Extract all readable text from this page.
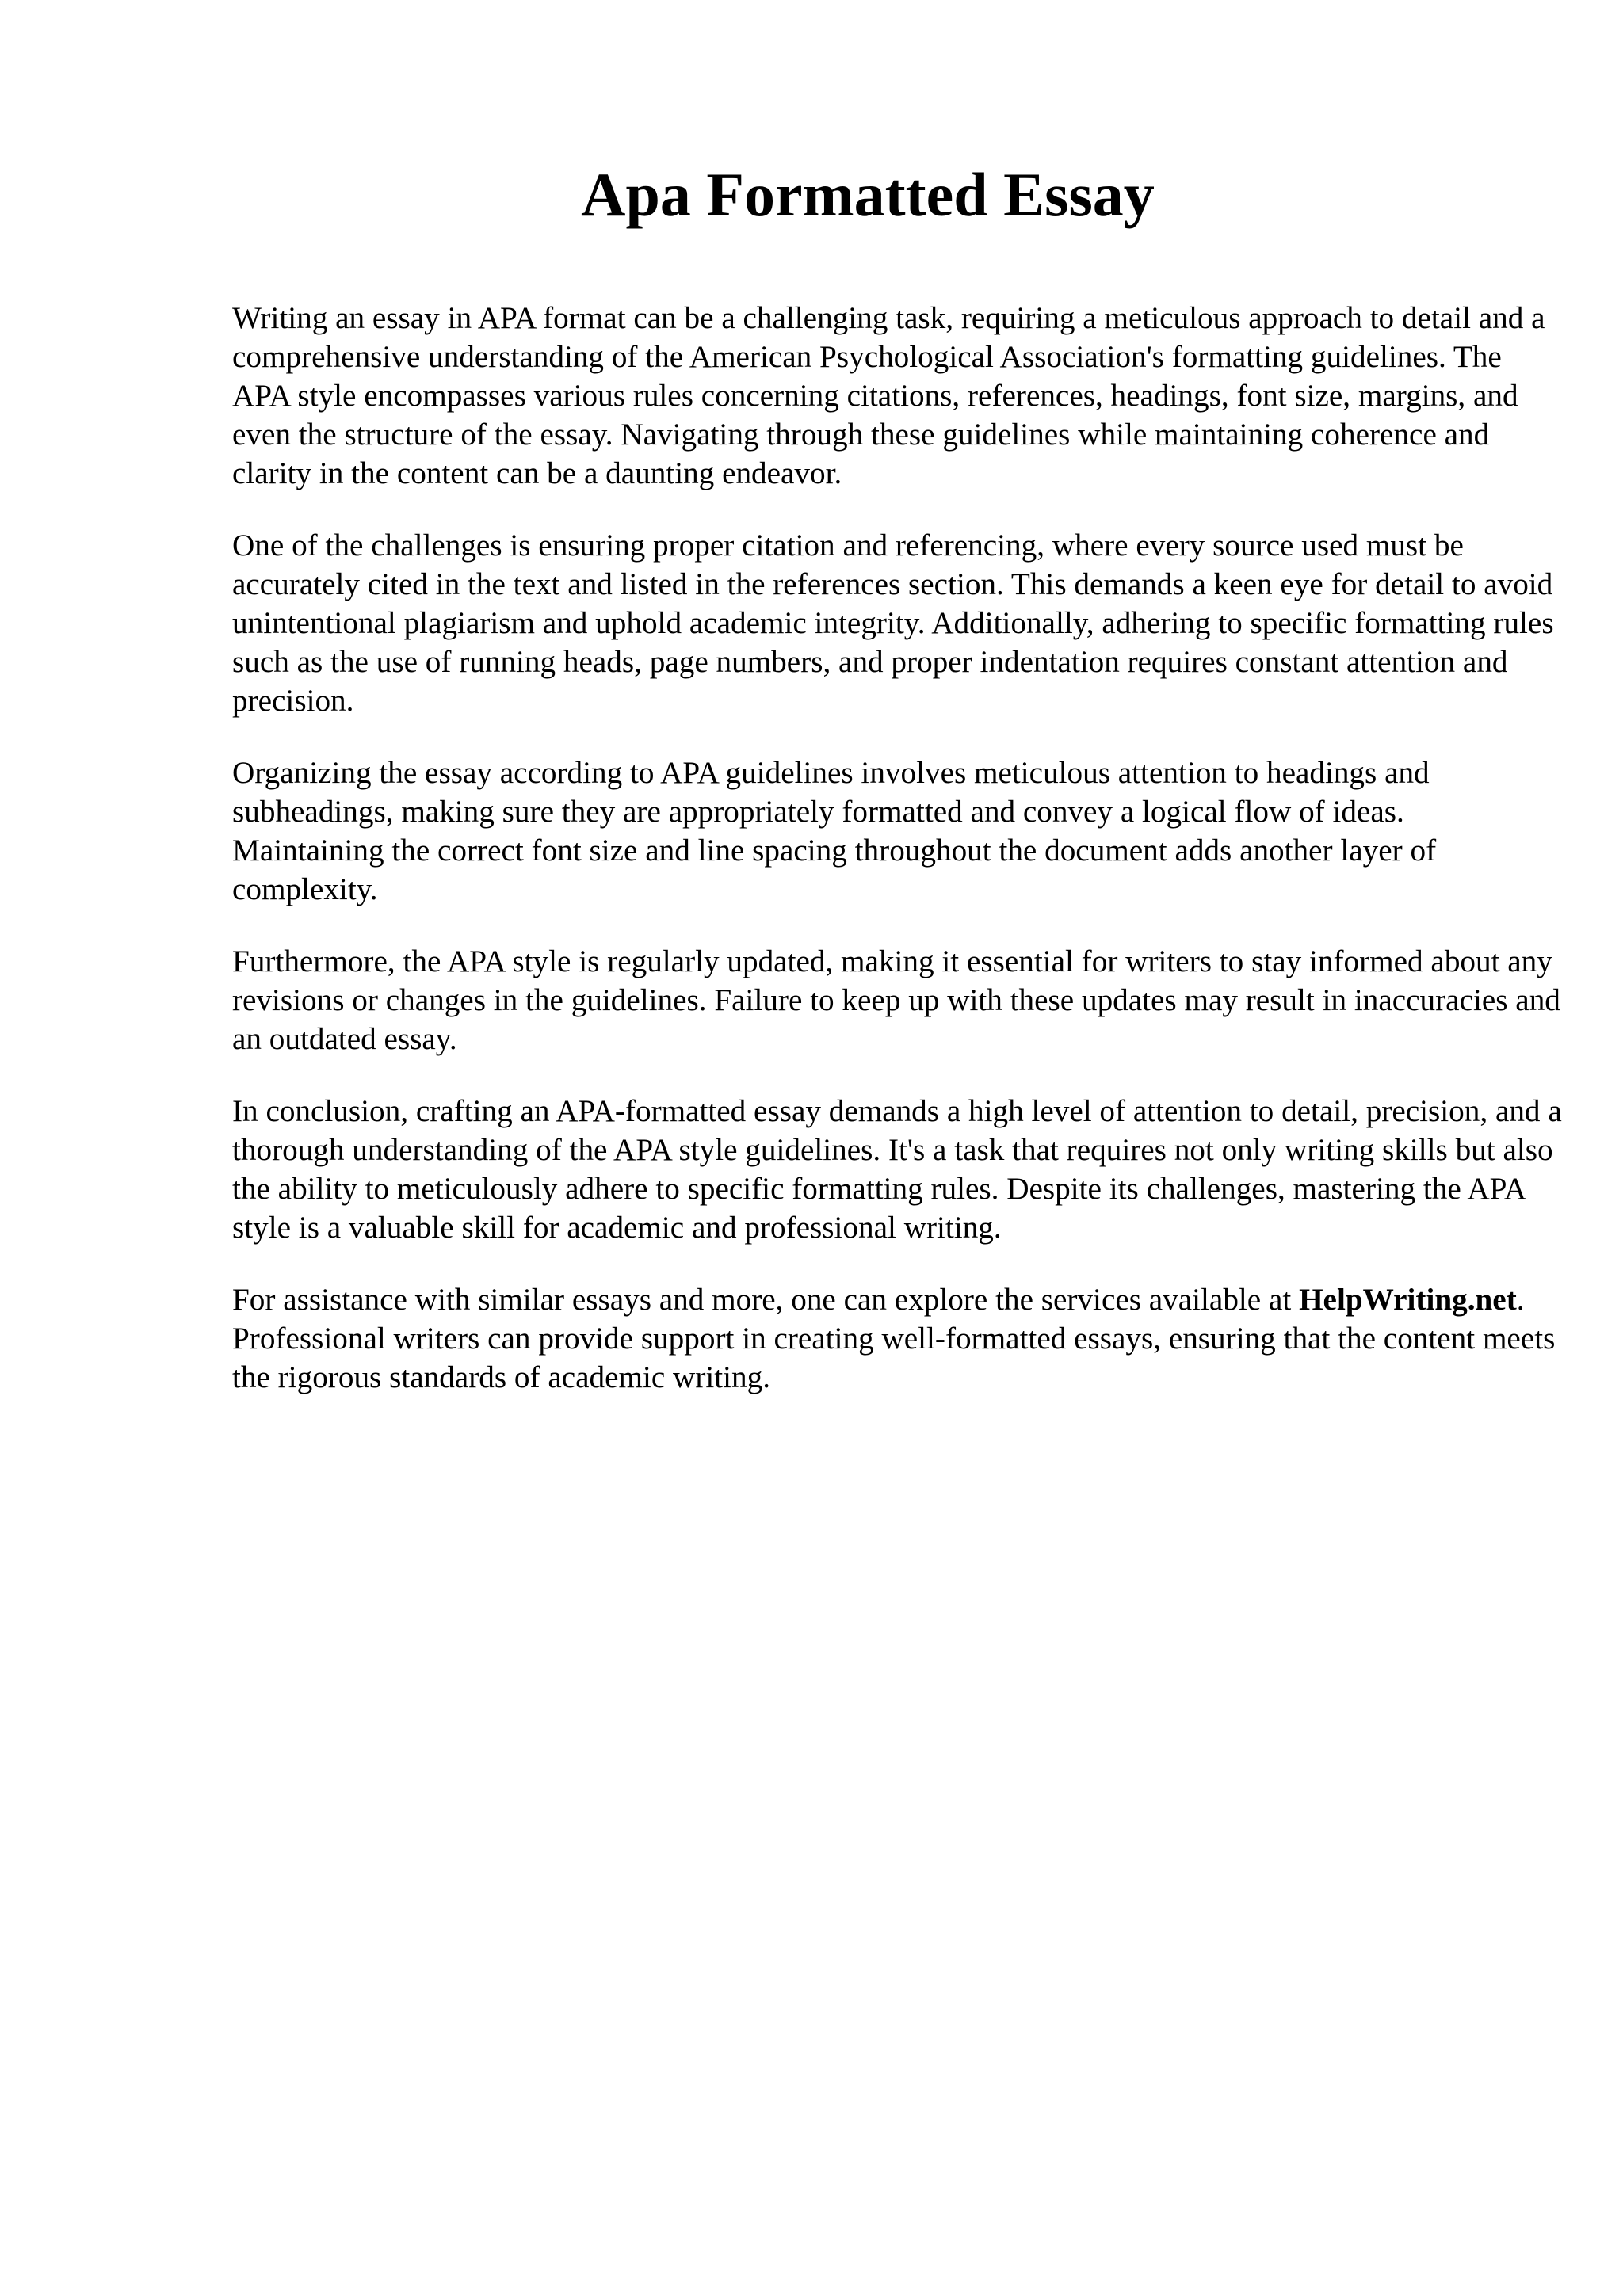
Apa Formatted Essay

Writing an essay in APA format can be a challenging task, requiring a meticulous approach to detail and a comprehensive understanding of the American Psychological Association's formatting guidelines. The APA style encompasses various rules concerning citations, references, headings, font size, margins, and even the structure of the essay. Navigating through these guidelines while maintaining coherence and clarity in the content can be a daunting endeavor.

One of the challenges is ensuring proper citation and referencing, where every source used must be accurately cited in the text and listed in the references section. This demands a keen eye for detail to avoid unintentional plagiarism and uphold academic integrity. Additionally, adhering to specific formatting rules such as the use of running heads, page numbers, and proper indentation requires constant attention and precision.

Organizing the essay according to APA guidelines involves meticulous attention to headings and subheadings, making sure they are appropriately formatted and convey a logical flow of ideas. Maintaining the correct font size and line spacing throughout the document adds another layer of complexity.

Furthermore, the APA style is regularly updated, making it essential for writers to stay informed about any revisions or changes in the guidelines. Failure to keep up with these updates may result in inaccuracies and an outdated essay.

In conclusion, crafting an APA-formatted essay demands a high level of attention to detail, precision, and a thorough understanding of the APA style guidelines. It's a task that requires not only writing skills but also the ability to meticulously adhere to specific formatting rules. Despite its challenges, mastering the APA style is a valuable skill for academic and professional writing.

For assistance with similar essays and more, one can explore the services available at HelpWriting.net. Professional writers can provide support in creating well-formatted essays, ensuring that the content meets the rigorous standards of academic writing.
